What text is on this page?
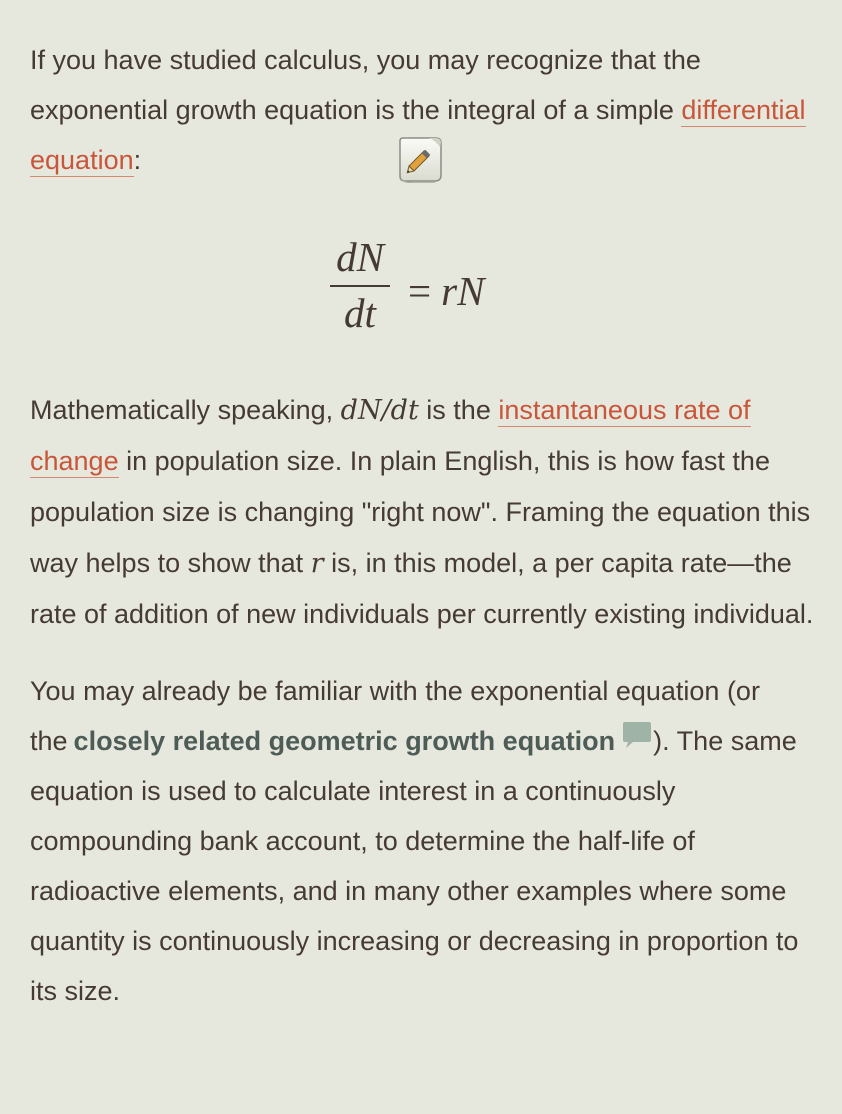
If you have studied calculus, you may recognize that the exponential growth equation is the integral of a simple differential equation:

dN
dt = rN

Mathematically speaking, dN/dt is the instantaneous rate of change in population size. In plain English, this is how fast the population size is changing "right now". Framing the equation this way helps to show that r is, in this model, a per capita rate—the rate of addition of new individuals per currently existing individual.

You may already be familiar with the exponential equation (or the closely related geometric growth equation ). The same equation is used to calculate interest in a continuously compounding bank account, to determine the half-life of radioactive elements, and in many other examples where some quantity is continuously increasing or decreasing in proportion to its size.
